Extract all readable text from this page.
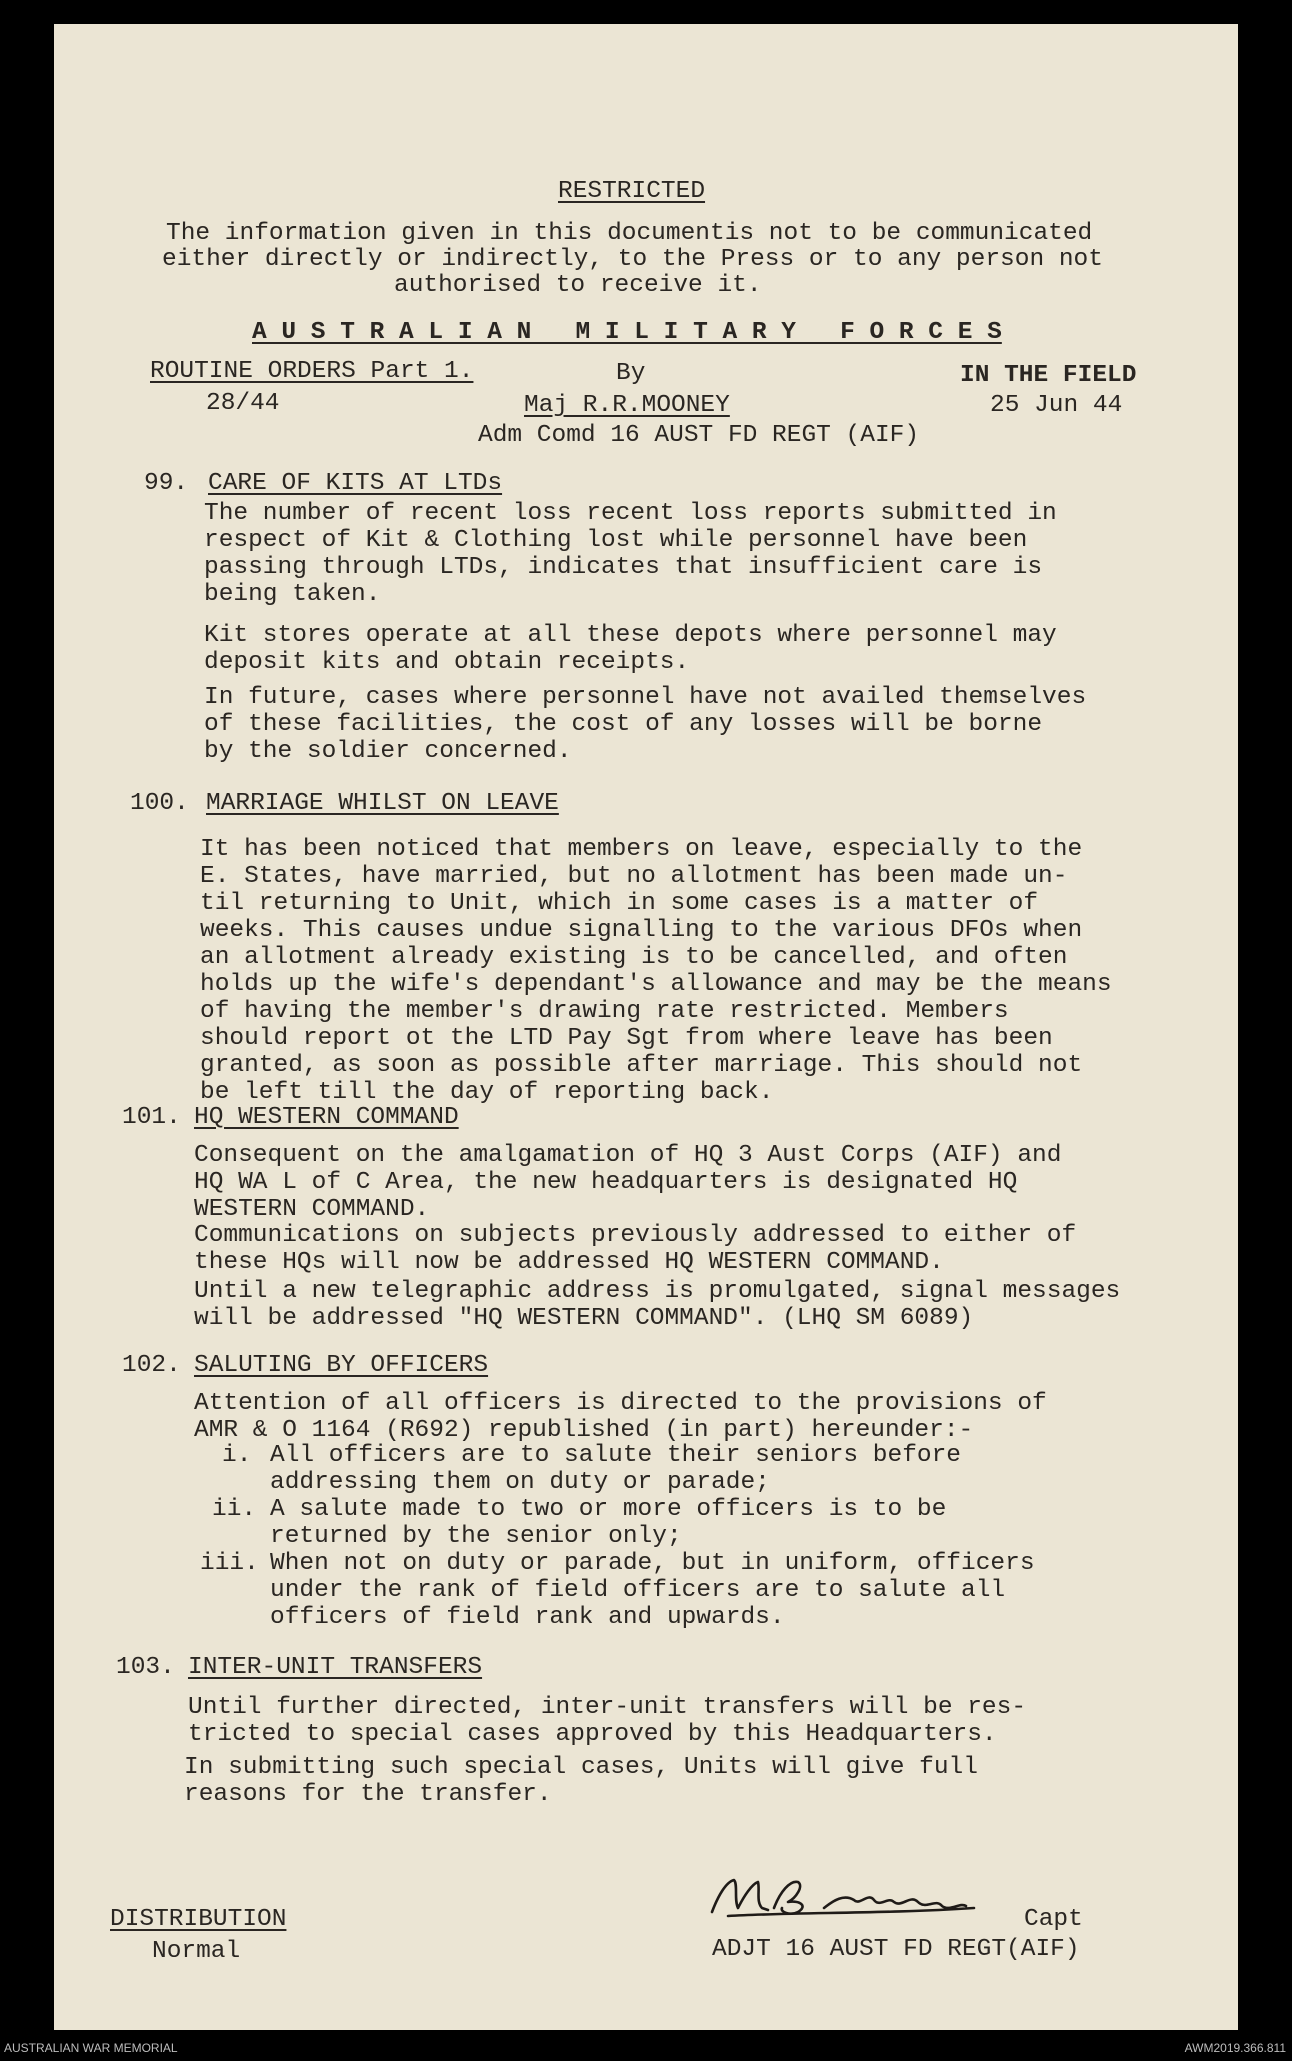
RESTRICTED
The information given in this documentis not to be communicated
either directly or indirectly, to the Press or to any person not
authorised to receive it.
A U S T R A L I A N   M I L I T A R Y   F O R C E S
ROUTINE ORDERS Part 1.
28/44
By
Maj R.R.MOONEY
Adm Comd 16 AUST FD REGT (AIF)
IN THE FIELD
25 Jun 44
99. CARE OF KITS AT LTDs
The number of recent loss recent loss reports submitted in
respect of Kit & Clothing lost while personnel have been
passing through LTDs, indicates that insufficient care is
being taken.
Kit stores operate at all these depots where personnel may
deposit kits and obtain receipts.
In future, cases where personnel have not availed themselves
of these facilities, the cost of any losses will be borne
by the soldier concerned.
100. MARRIAGE WHILST ON LEAVE
It has been noticed that members on leave, especially to the
E. States, have married, but no allotment has been made un-
til returning to Unit, which in some cases is a matter of
weeks. This causes undue signalling to the various DFOs when
an allotment already existing is to be cancelled, and often
holds up the wife's dependant's allowance and may be the means
of having the member's drawing rate restricted. Members
should report ot the LTD Pay Sgt from where leave has been
granted, as soon as possible after marriage. This should not
be left till the day of reporting back.
101. HQ WESTERN COMMAND
Consequent on the amalgamation of HQ 3 Aust Corps (AIF) and
HQ WA L of C Area, the new headquarters is designated HQ
WESTERN COMMAND.
Communications on subjects previously addressed to either of
these HQs will now be addressed HQ WESTERN COMMAND.
Until a new telegraphic address is promulgated, signal messages
will be addressed "HQ WESTERN COMMAND". (LHQ SM 6089)
102. SALUTING BY OFFICERS
Attention of all officers is directed to the provisions of
AMR & O 1164 (R692) republished (in part) hereunder:-
i. All officers are to salute their seniors before
addressing them on duty or parade;
ii. A salute made to two or more officers is to be
returned by the senior only;
iii. When not on duty or parade, but in uniform, officers
under the rank of field officers are to salute all
officers of field rank and upwards.
103. INTER-UNIT TRANSFERS
Until further directed, inter-unit transfers will be res-
tricted to special cases approved by this Headquarters.
In submitting such special cases, Units will give full
reasons for the transfer.
DISTRIBUTION
Normal
Capt
ADJT 16 AUST FD REGT(AIF)
AUSTRALIAN WAR MEMORIAL	AWM2019.366.811
